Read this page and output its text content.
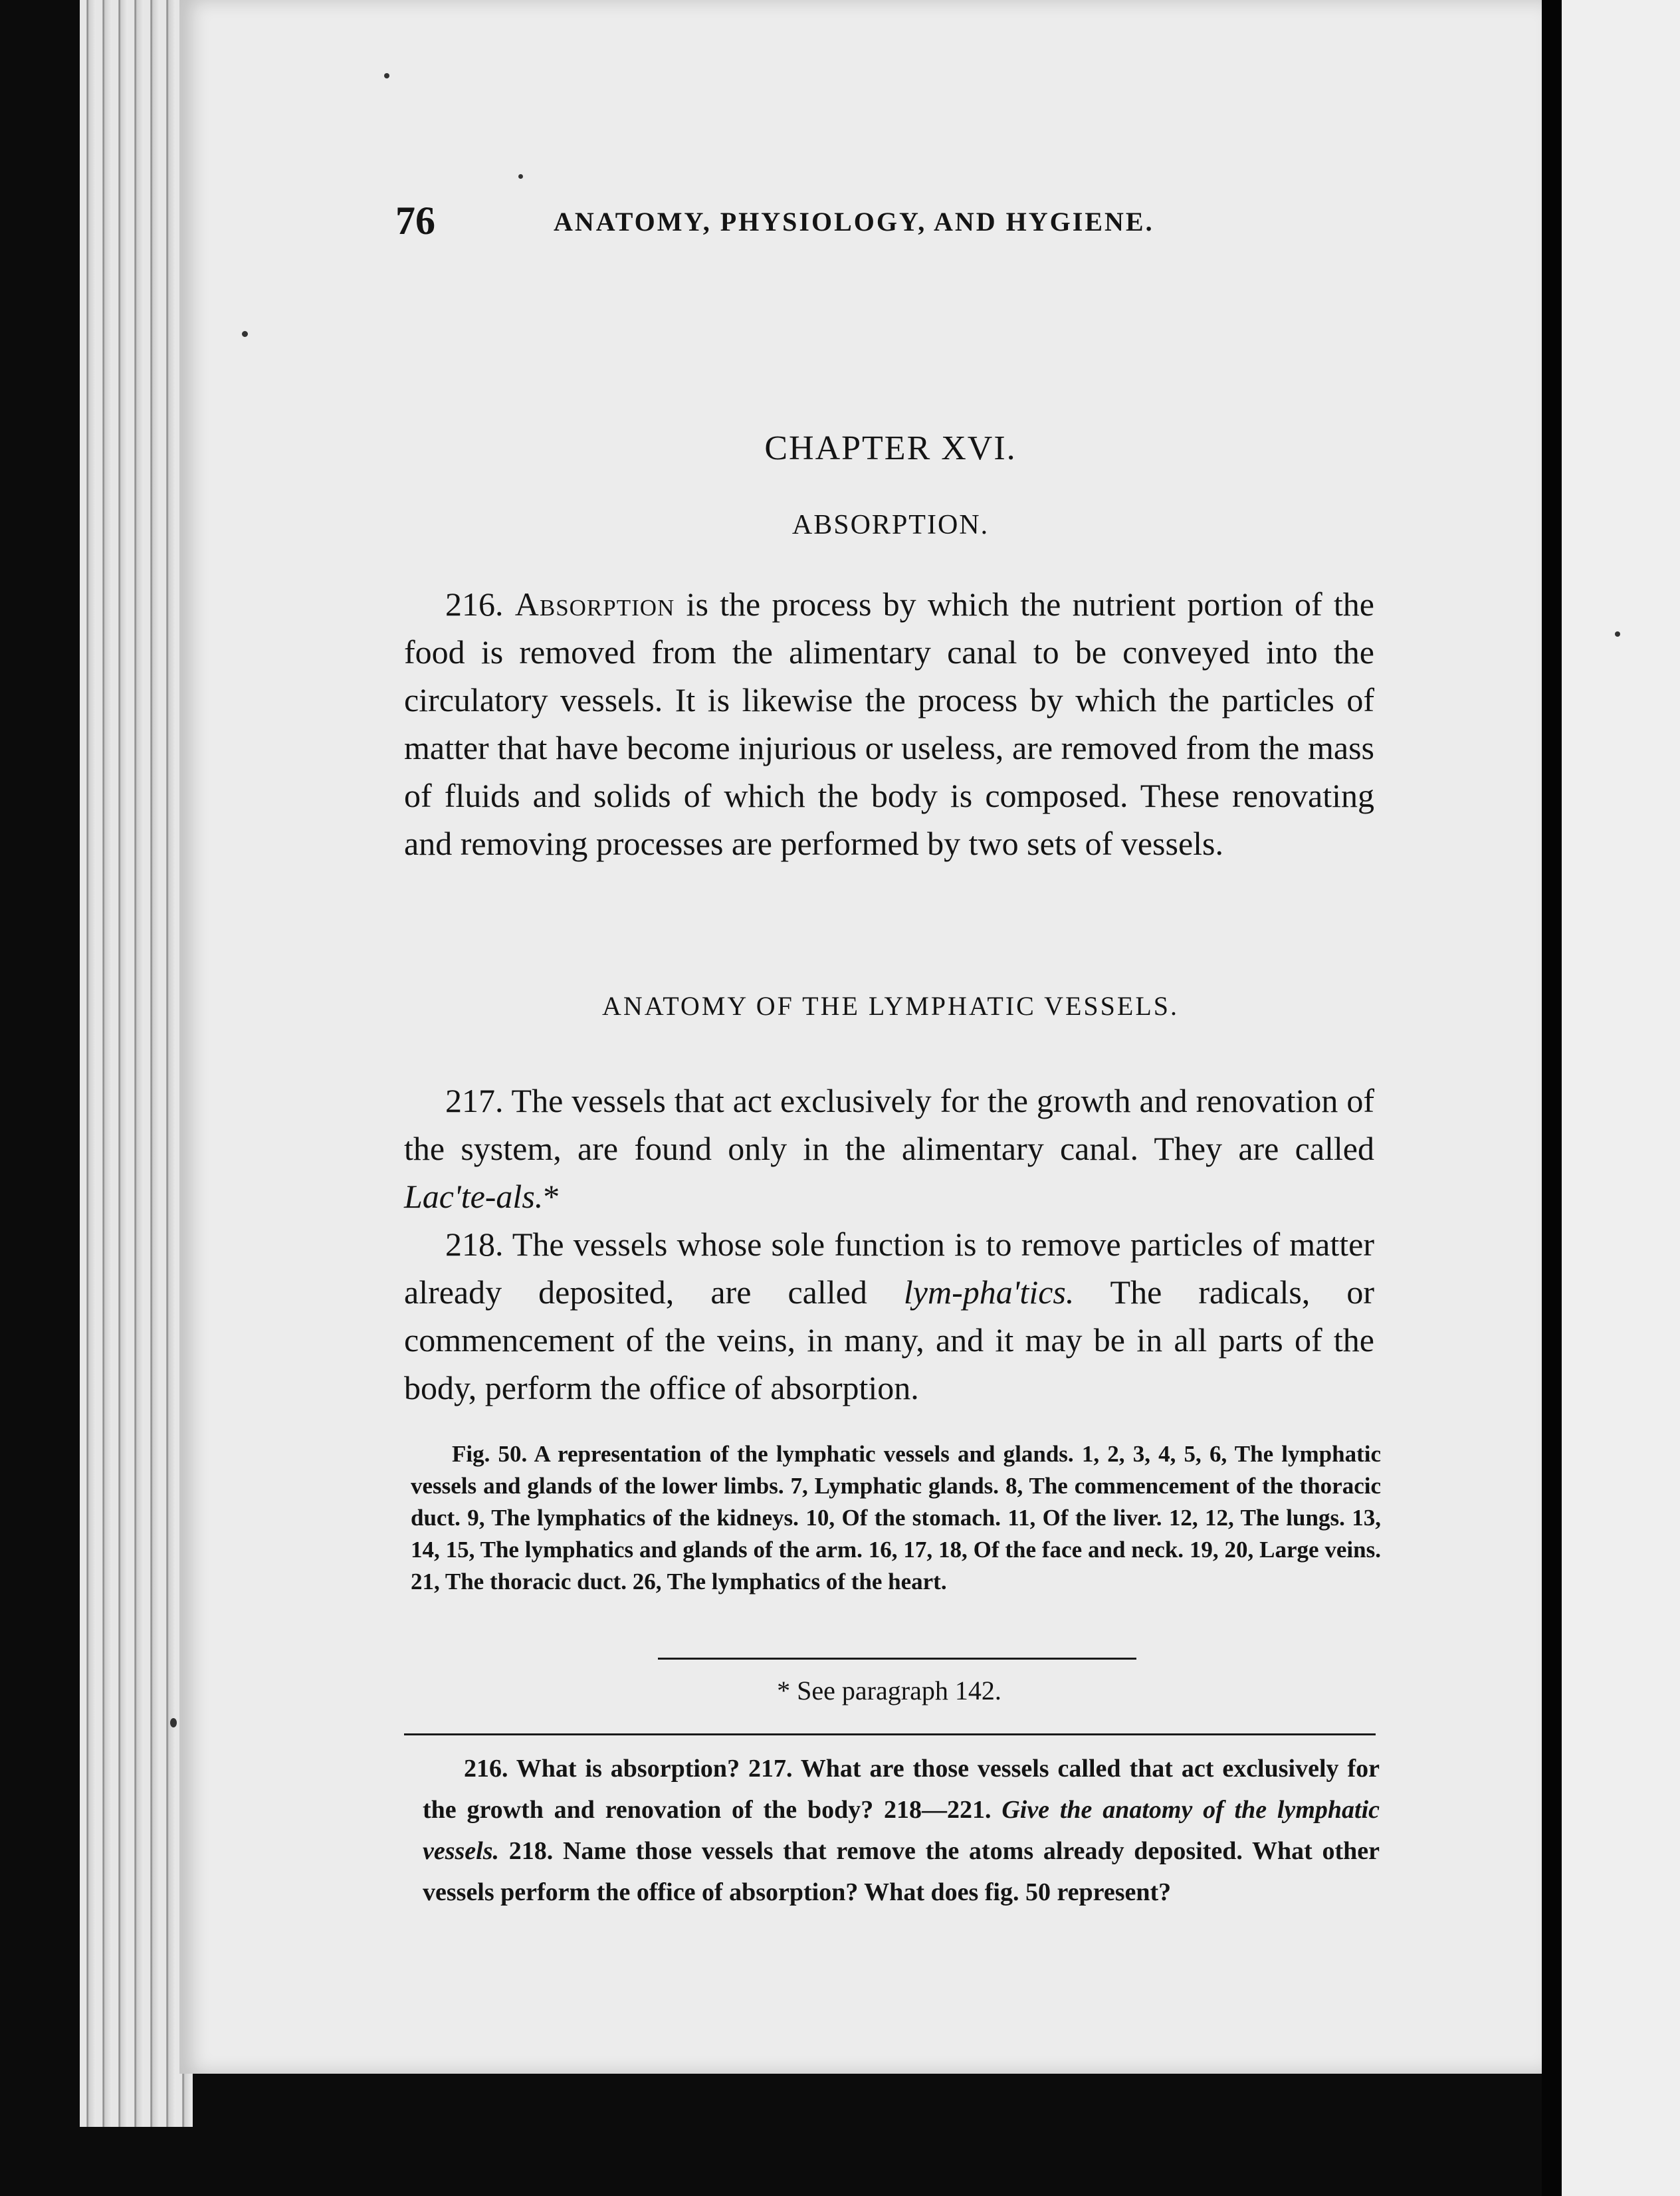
76	ANATOMY, PHYSIOLOGY, AND HYGIENE.
CHAPTER XVI.
ABSORPTION.

216. Absorption is the process by which the nutrient portion of the food is removed from the alimentary canal to be conveyed into the circulatory vessels. It is likewise the process by which the particles of matter that have become injurious or useless, are removed from the mass of fluids and solids of which the body is composed. These renovating and removing processes are performed by two sets of vessels.

ANATOMY OF THE LYMPHATIC VESSELS.

217. The vessels that act exclusively for the growth and renovation of the system, are found only in the alimentary canal. They are called Lac'te-als.*

218. The vessels whose sole function is to remove particles of matter already deposited, are called lym-pha'tics. The radicals, or commencement of the veins, in many, and it may be in all parts of the body, perform the office of absorption.

Fig. 50. A representation of the lymphatic vessels and glands. 1, 2, 3, 4, 5, 6, The lymphatic vessels and glands of the lower limbs. 7, Lymphatic glands. 8, The commencement of the thoracic duct. 9, The lymphatics of the kidneys. 10, Of the stomach. 11, Of the liver. 12, 12, The lungs. 13, 14, 15, The lymphatics and glands of the arm. 16, 17, 18, Of the face and neck. 19, 20, Large veins. 21, The thoracic duct. 26, The lymphatics of the heart.

* See paragraph 142.

216. What is absorption? 217. What are those vessels called that act exclusively for the growth and renovation of the body? 218—221. Give the anatomy of the lymphatic vessels. 218. Name those vessels that remove the atoms already deposited. What other vessels perform the office of absorption? What does fig. 50 represent?
